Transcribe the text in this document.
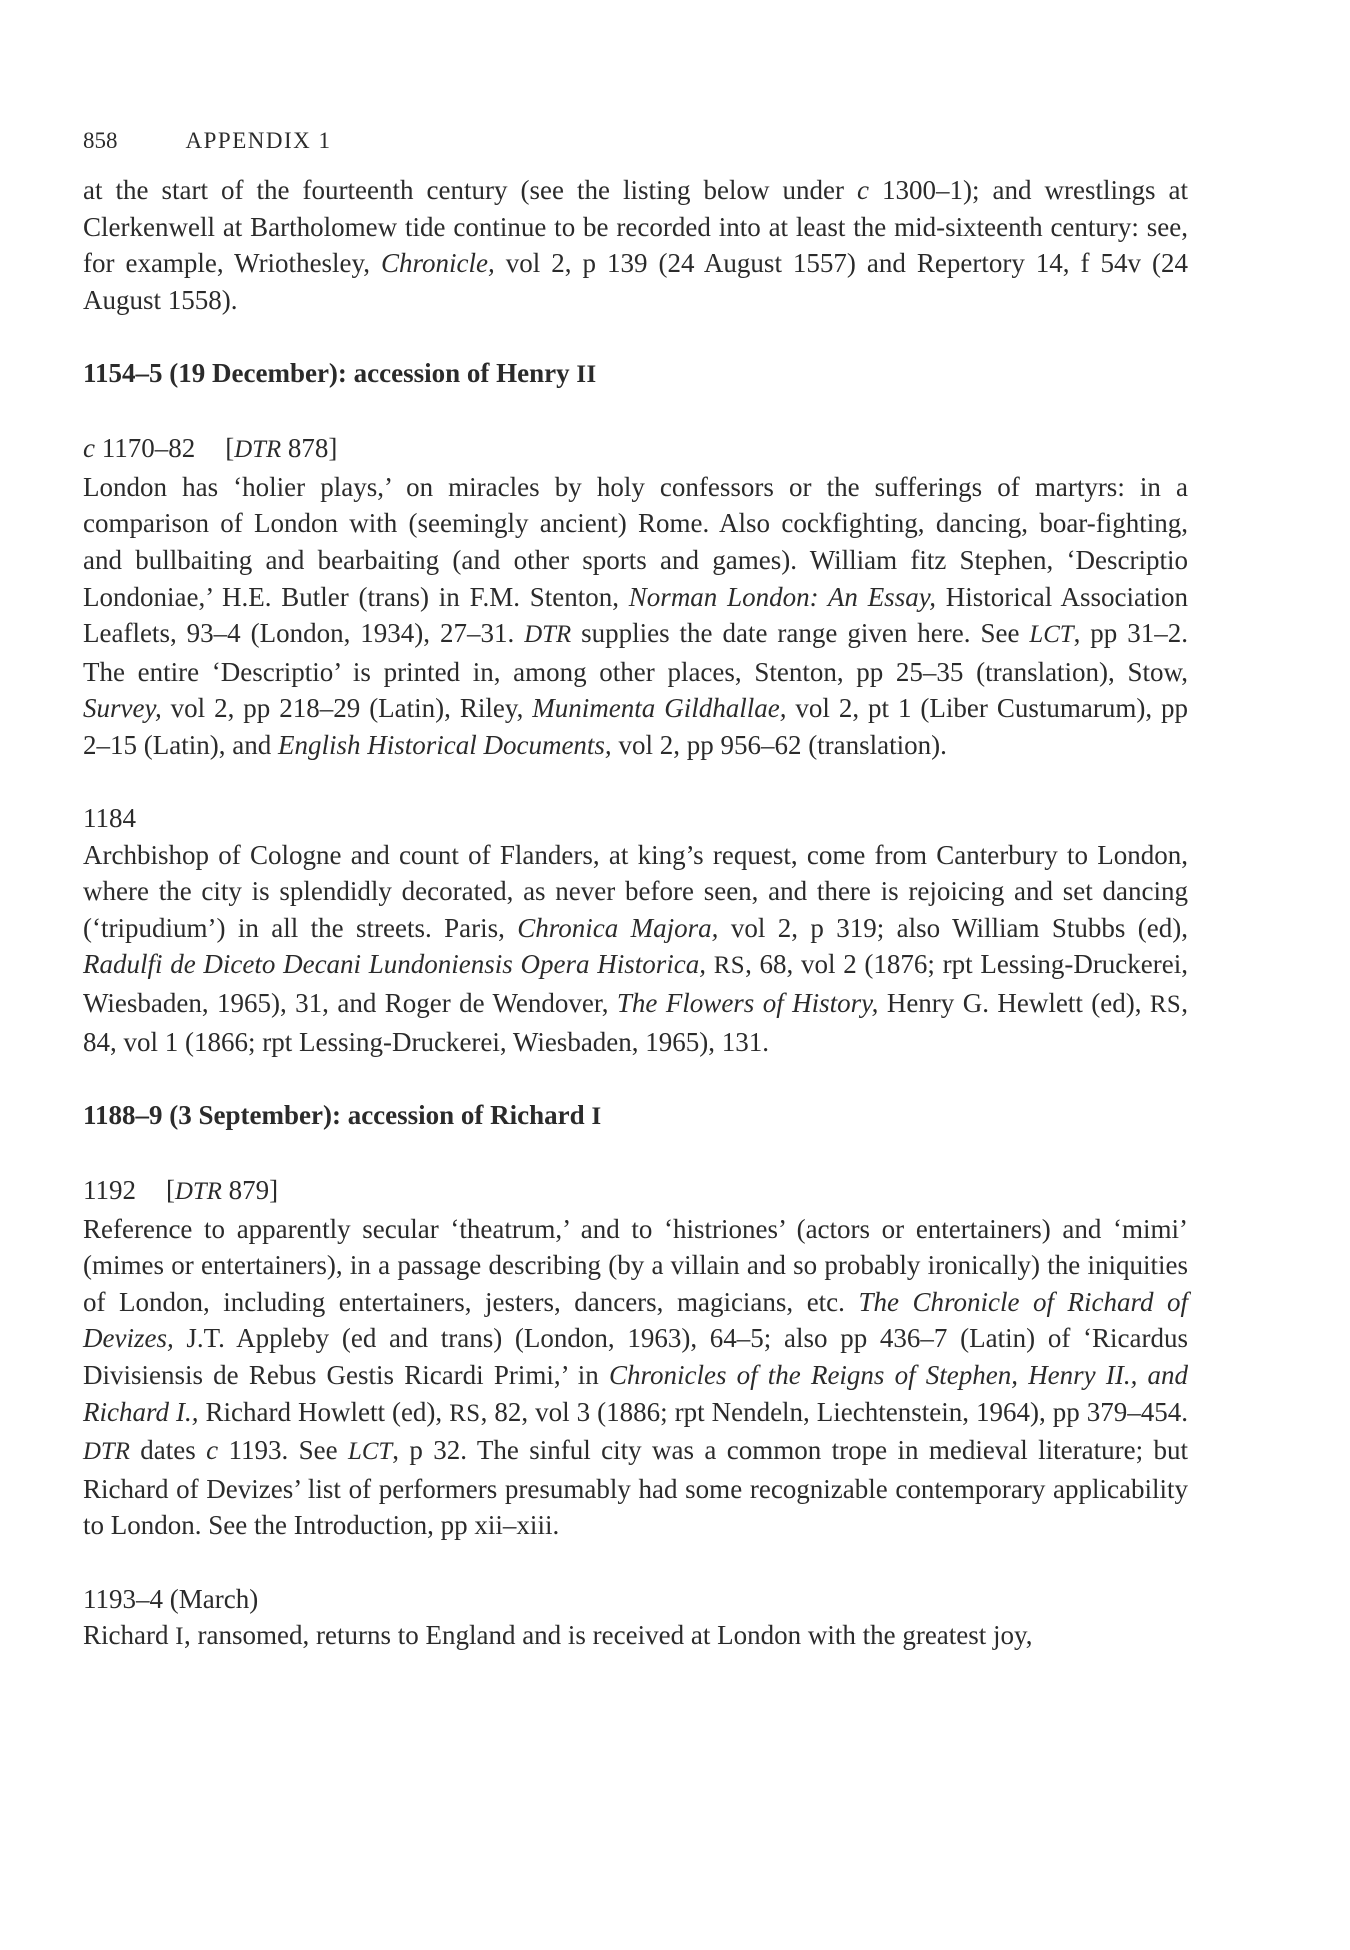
858	APPENDIX 1

at the start of the fourteenth century (see the listing below under c 1300–1); and wrestlings at Clerkenwell at Bartholomew tide continue to be recorded into at least the mid-sixteenth century: see, for example, Wriothesley, Chronicle, vol 2, p 139 (24 August 1557) and Repertory 14, f 54v (24 August 1558).

1154–5 (19 December): accession of Henry II

c 1170–82 [DTR 878]

London has ‘holier plays,’ on miracles by holy confessors or the sufferings of martyrs: in a comparison of London with (seemingly ancient) Rome. Also cockfighting, dancing, boar-fighting, and bullbaiting and bearbaiting (and other sports and games). William fitz Stephen, ‘Descriptio Londoniae,’ H.E. Butler (trans) in F.M. Stenton, Norman London: An Essay, Historical Association Leaflets, 93–4 (London, 1934), 27–31. DTR supplies the date range given here. See LCT, pp 31–2. The entire ‘Descriptio’ is printed in, among other places, Stenton, pp 25–35 (translation), Stow, Survey, vol 2, pp 218–29 (Latin), Riley, Munimenta Gildhallae, vol 2, pt 1 (Liber Custumarum), pp 2–15 (Latin), and English Historical Documents, vol 2, pp 956–62 (translation).

1184

Archbishop of Cologne and count of Flanders, at king’s request, come from Canterbury to London, where the city is splendidly decorated, as never before seen, and there is rejoicing and set dancing (‘tripudium’) in all the streets. Paris, Chronica Majora, vol 2, p 319; also William Stubbs (ed), Radulfi de Diceto Decani Lundoniensis Opera Historica, RS, 68, vol 2 (1876; rpt Lessing-Druckerei, Wiesbaden, 1965), 31, and Roger de Wendover, The Flowers of History, Henry G. Hewlett (ed), RS, 84, vol 1 (1866; rpt Lessing-Druckerei, Wiesbaden, 1965), 131.

1188–9 (3 September): accession of Richard I

1192 [DTR 879]

Reference to apparently secular ‘theatrum,’ and to ‘histriones’ (actors or entertainers) and ‘mimi’ (mimes or entertainers), in a passage describing (by a villain and so probably ironically) the iniquities of London, including entertainers, jesters, dancers, magicians, etc. The Chronicle of Richard of Devizes, J.T. Appleby (ed and trans) (London, 1963), 64–5; also pp 436–7 (Latin) of ‘Ricardus Divisiensis de Rebus Gestis Ricardi Primi,’ in Chronicles of the Reigns of Stephen, Henry II., and Richard I., Richard Howlett (ed), RS, 82, vol 3 (1886; rpt Nendeln, Liechtenstein, 1964), pp 379–454. DTR dates c 1193. See LCT, p 32. The sinful city was a common trope in medieval literature; but Richard of Devizes’ list of performers presumably had some recognizable contemporary applicability to London. See the Introduction, pp xii–xiii.

1193–4 (March)

Richard I, ransomed, returns to England and is received at London with the greatest joy,
